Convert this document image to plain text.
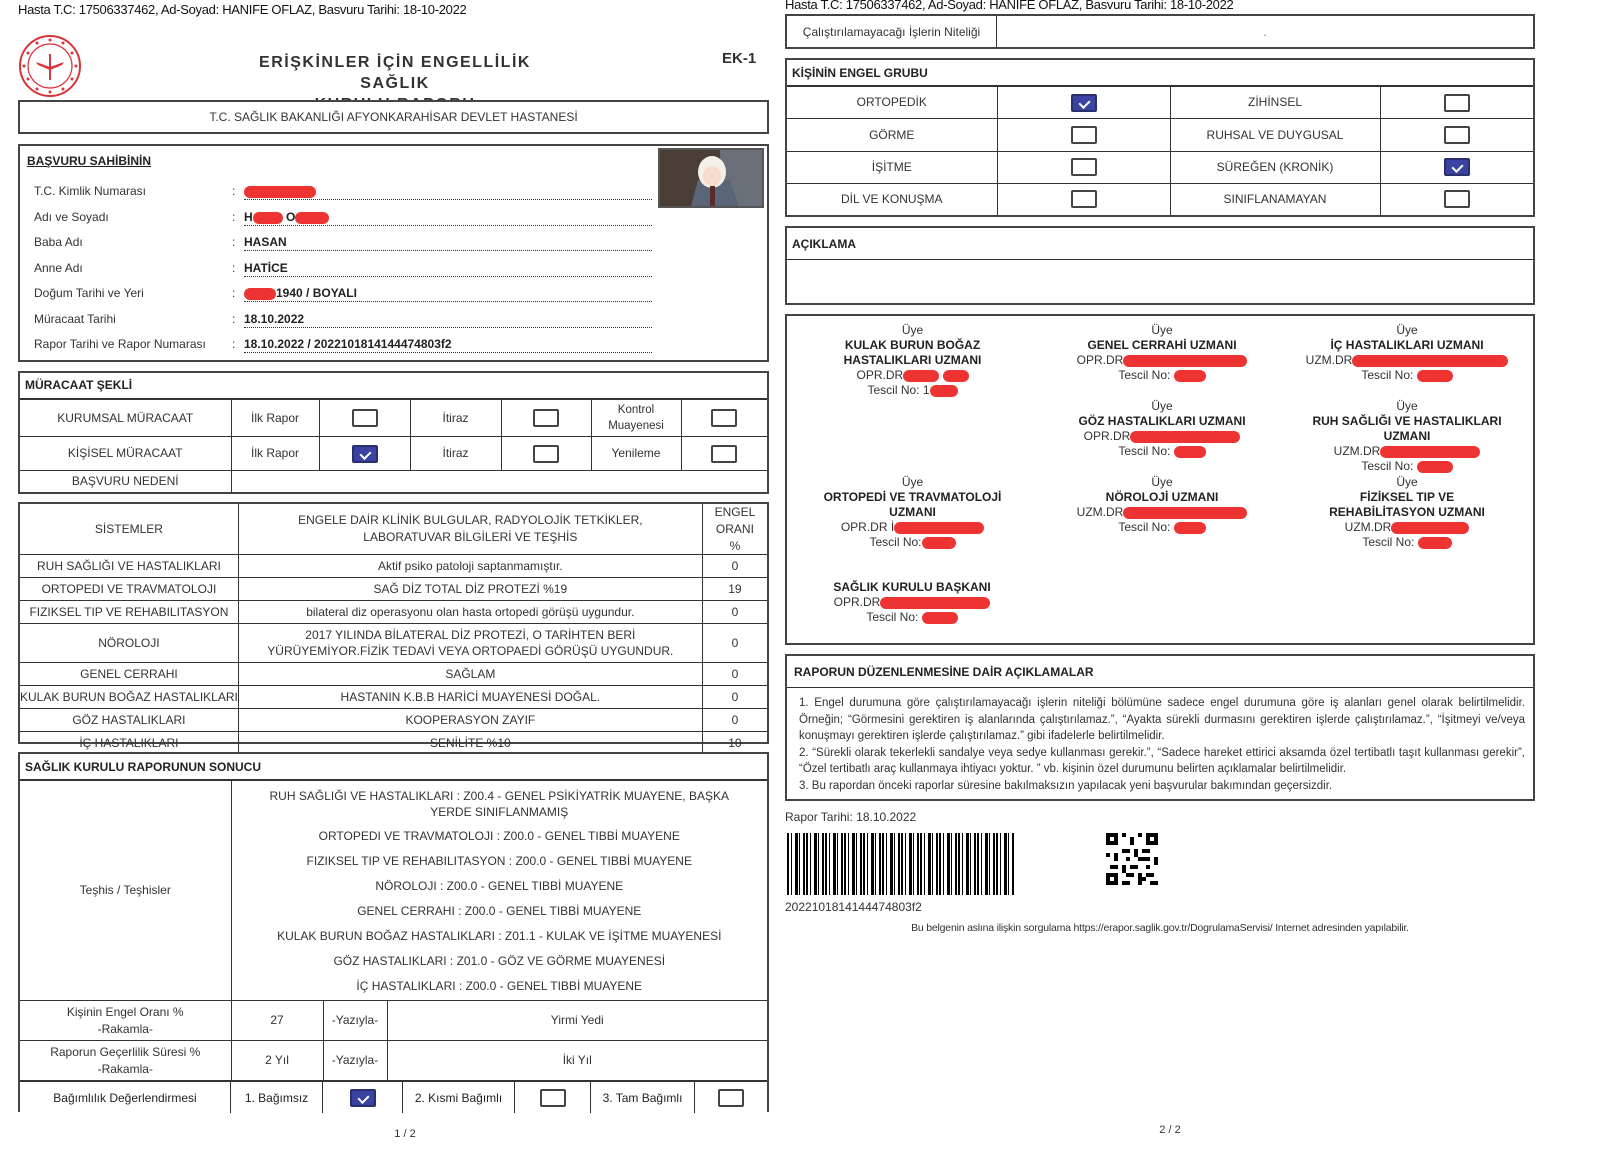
Hasta T.C: 17506337462, Ad-Soyad: HANIFE OFLAZ, Basvuru Tarihi: 18-10-2022
ERİŞKİNLER İÇİN ENGELLİLİK SAĞLIK
EK-1
T.C. SAĞLIK BAKANLIĞI AFYONKARAHİSAR DEVLET HASTANESİ
BAŞVURU SAHİBİNİN
T.C. Kimlik Numarası	:
Adı ve Soyadı	: H	O
Baba Adı	: HASAN
Anne Adı	: HATİCE
Doğum Tarihi ve Yeri	:	1940 / BOYALI
Müracaat Tarihi	: 18.10.2022
Rapor Tarihi ve Rapor Numarası	: 18.10.2022 / 2022101814144474803f2
MÜRACAAT ŞEKLİ
KURUMSAL MÜRACAAT	İlk Rapor		İtiraz		Kontrol Muayenesi	
KİŞİSEL MÜRACAAT	İlk Rapor		İtiraz		Yenileme	
BAŞVURU NEDENİ						
SİSTEMLER	ENGELE DAİR KLİNİK BULGULAR, RADYOLOJİK TETKİKLER, LABORATUVAR BİLGİLERİ VE TEŞHİS	ENGEL ORANI %
RUH SAĞLIĞI VE HASTALIKLARI	Aktif psiko patoloji saptanmamıştır.	0
ORTOPEDI VE TRAVMATOLOJI	SAĞ DİZ TOTAL DİZ PROTEZİ %19	19
FIZIKSEL TIP VE REHABILITASYON	bilateral diz operasyonu olan hasta ortopedi görüşü uygundur.	0
NÖROLOJI	2017 YILINDA BİLATERAL DİZ PROTEZİ, O TARİHTEN BERİ YÜRÜYEMİYOR.FİZİK TEDAVİ VEYA ORTOPAEDİ GÖRÜŞÜ UYGUNDUR.	0
GENEL CERRAHI	SAĞLAM	0
KULAK BURUN BOĞAZ HASTALIKLARI	HASTANIN K.B.B HARİCİ MUAYENESİ DOĞAL.	0
GÖZ HASTALIKLARI	KOOPERASYON ZAYIF	0
İÇ HASTALIKLARI	SENİLİTE %10	10
SAĞLIK KURULU RAPORUNUN SONUCU
Teşhis / Teşhisler	
RUH SAĞLIĞI VE HASTALIKLARI : Z00.4 - GENEL PSİKİYATRİK MUAYENE, BAŞKA YERDE SINIFLANMAMIŞ
ORTOPEDI VE TRAVMATOLOJI : Z00.0 - GENEL TIBBİ MUAYENE
FIZIKSEL TIP VE REHABILITASYON : Z00.0 - GENEL TIBBİ MUAYENE
NÖROLOJI : Z00.0 - GENEL TIBBİ MUAYENE
GENEL CERRAHI : Z00.0 - GENEL TIBBİ MUAYENE
KULAK BURUN BOĞAZ HASTALIKLARI : Z01.1 - KULAK VE İŞİTME MUAYENESİ
GÖZ HASTALIKLARI : Z01.0 - GÖZ VE GÖRME MUAYENESİ
İÇ HASTALIKLARI : Z00.0 - GENEL TIBBİ MUAYENE

Kişinin Engel Oranı %
-Rakamla-	27	-Yazıyla-	Yirmi Yedi

Raporun Geçerlilik Süresi %
-Rakamla-	2 Yıl	-Yazıyla-	İki Yıl
Bağımlılık Değerlendirmesi	1. Bağımsız	2. Kısmi Bağımlı	3. Tam Bağımlı
1 / 2
Hasta T.C: 17506337462, Ad-Soyad: HANIFE OFLAZ, Basvuru Tarihi: 18-10-2022
Çalıştırılamayacağı İşlerin Niteliği	.
KİŞİNİN ENGEL GRUBU
ORTOPEDİK		ZİHİNSEL	
GÖRME		RUHSAL VE DUYGUSAL	
İŞİTME		SÜREĞEN (KRONİK)	
DİL VE KONUŞMA		SINIFLANAMAYAN	
AÇIKLAMA
Üye
KULAK BURUN BOĞAZ HASTALIKLARI UZMANI
OPR.DR
Tescil No: 1
Üye
GENEL CERRAHİ UZMANI
OPR.DR
Tescil No:
Üye
İÇ HASTALIKLARI UZMANI
UZM.DR
Tescil No:
Üye
GÖZ HASTALIKLARI UZMANI
OPR.DR
Tescil No:
Üye
RUH SAĞLIĞI VE HASTALIKLARI UZMANI
UZM.DR
Tescil No:
Üye
ORTOPEDİ VE TRAVMATOLOJİ UZMANI
OPR.DR İ
Tescil No:
Üye
NÖROLOJİ UZMANI
UZM.DR
Tescil No:
Üye
FİZİKSEL TIP VE REHABİLİTASYON UZMANI
UZM.DR
Tescil No:
SAĞLIK KURULU BAŞKANI
OPR.DR
Tescil No:
RAPORUN DÜZENLENMESİNE DAİR AÇIKLAMALAR
1. Engel durumuna göre çalıştırılamayacağı işlerin niteliği bölümüne sadece engel durumuna göre iş alanları genel olarak belirtilmelidir. Örneğin; “Görmesini gerektiren iş alanlarında çalıştırılamaz.”, “Ayakta sürekli durmasını gerektiren işlerde çalıştırılamaz.”, “İşitmeyi ve/veya konuşmayı gerektiren işlerde çalıştırılamaz.” gibi ifadelerle belirtilmelidir.
2. “Sürekli olarak tekerlekli sandalye veya sedye kullanması gerekir.”, “Sadece hareket ettirici aksamda özel tertibatlı taşıt kullanması gerekir”, “Özel tertibatlı araç kullanmaya ihtiyacı yoktur. ” vb. kişinin özel durumunu belirten açıklamalar belirtilmelidir.
3. Bu rapordan önceki raporlar süresine bakılmaksızın yapılacak yeni başvurular bakımından geçersizdir.
Rapor Tarihi: 18.10.2022
2022101814144474803f2
Bu belgenin aslına ilişkin sorgulama https://erapor.saglik.gov.tr/DogrulamaServisi/ Internet adresinden yapılabilir.
2 / 2
